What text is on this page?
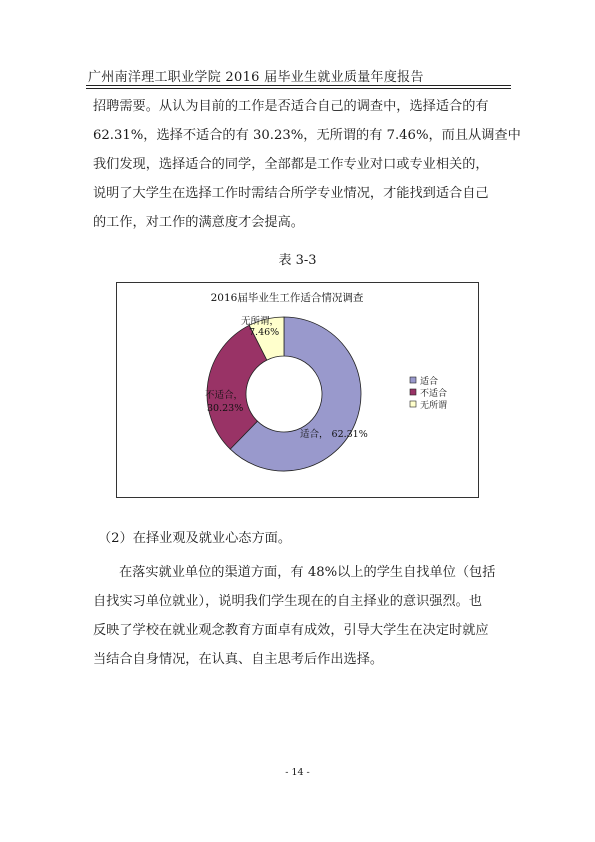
广州南洋理工职业学院 2016 届毕业生就业质量年度报告
招聘需要。从认为目前的工作是否适合自己的调查中，选择适合的有
62.31%，选择不适合的有 30.23%，无所谓的有 7.46%，而且从调查中
我们发现，选择适合的同学，全部都是工作专业对口或专业相关的，
说明了大学生在选择工作时需结合所学专业情况，才能找到适合自己
的工作，对工作的满意度才会提高。
表 3-3
2016届毕业生工作适合情况调查
适合， 62.31%
不适合，
30.23%
无所谓，
7.46%
适合
不适合
无所谓
（2）在择业观及就业心态方面。
在落实就业单位的渠道方面，有 48%以上的学生自找单位（包括
自找实习单位就业），说明我们学生现在的自主择业的意识强烈。也
反映了学校在就业观念教育方面卓有成效，引导大学生在决定时就应
当结合自身情况，在认真、自主思考后作出选择。
- 14 -
